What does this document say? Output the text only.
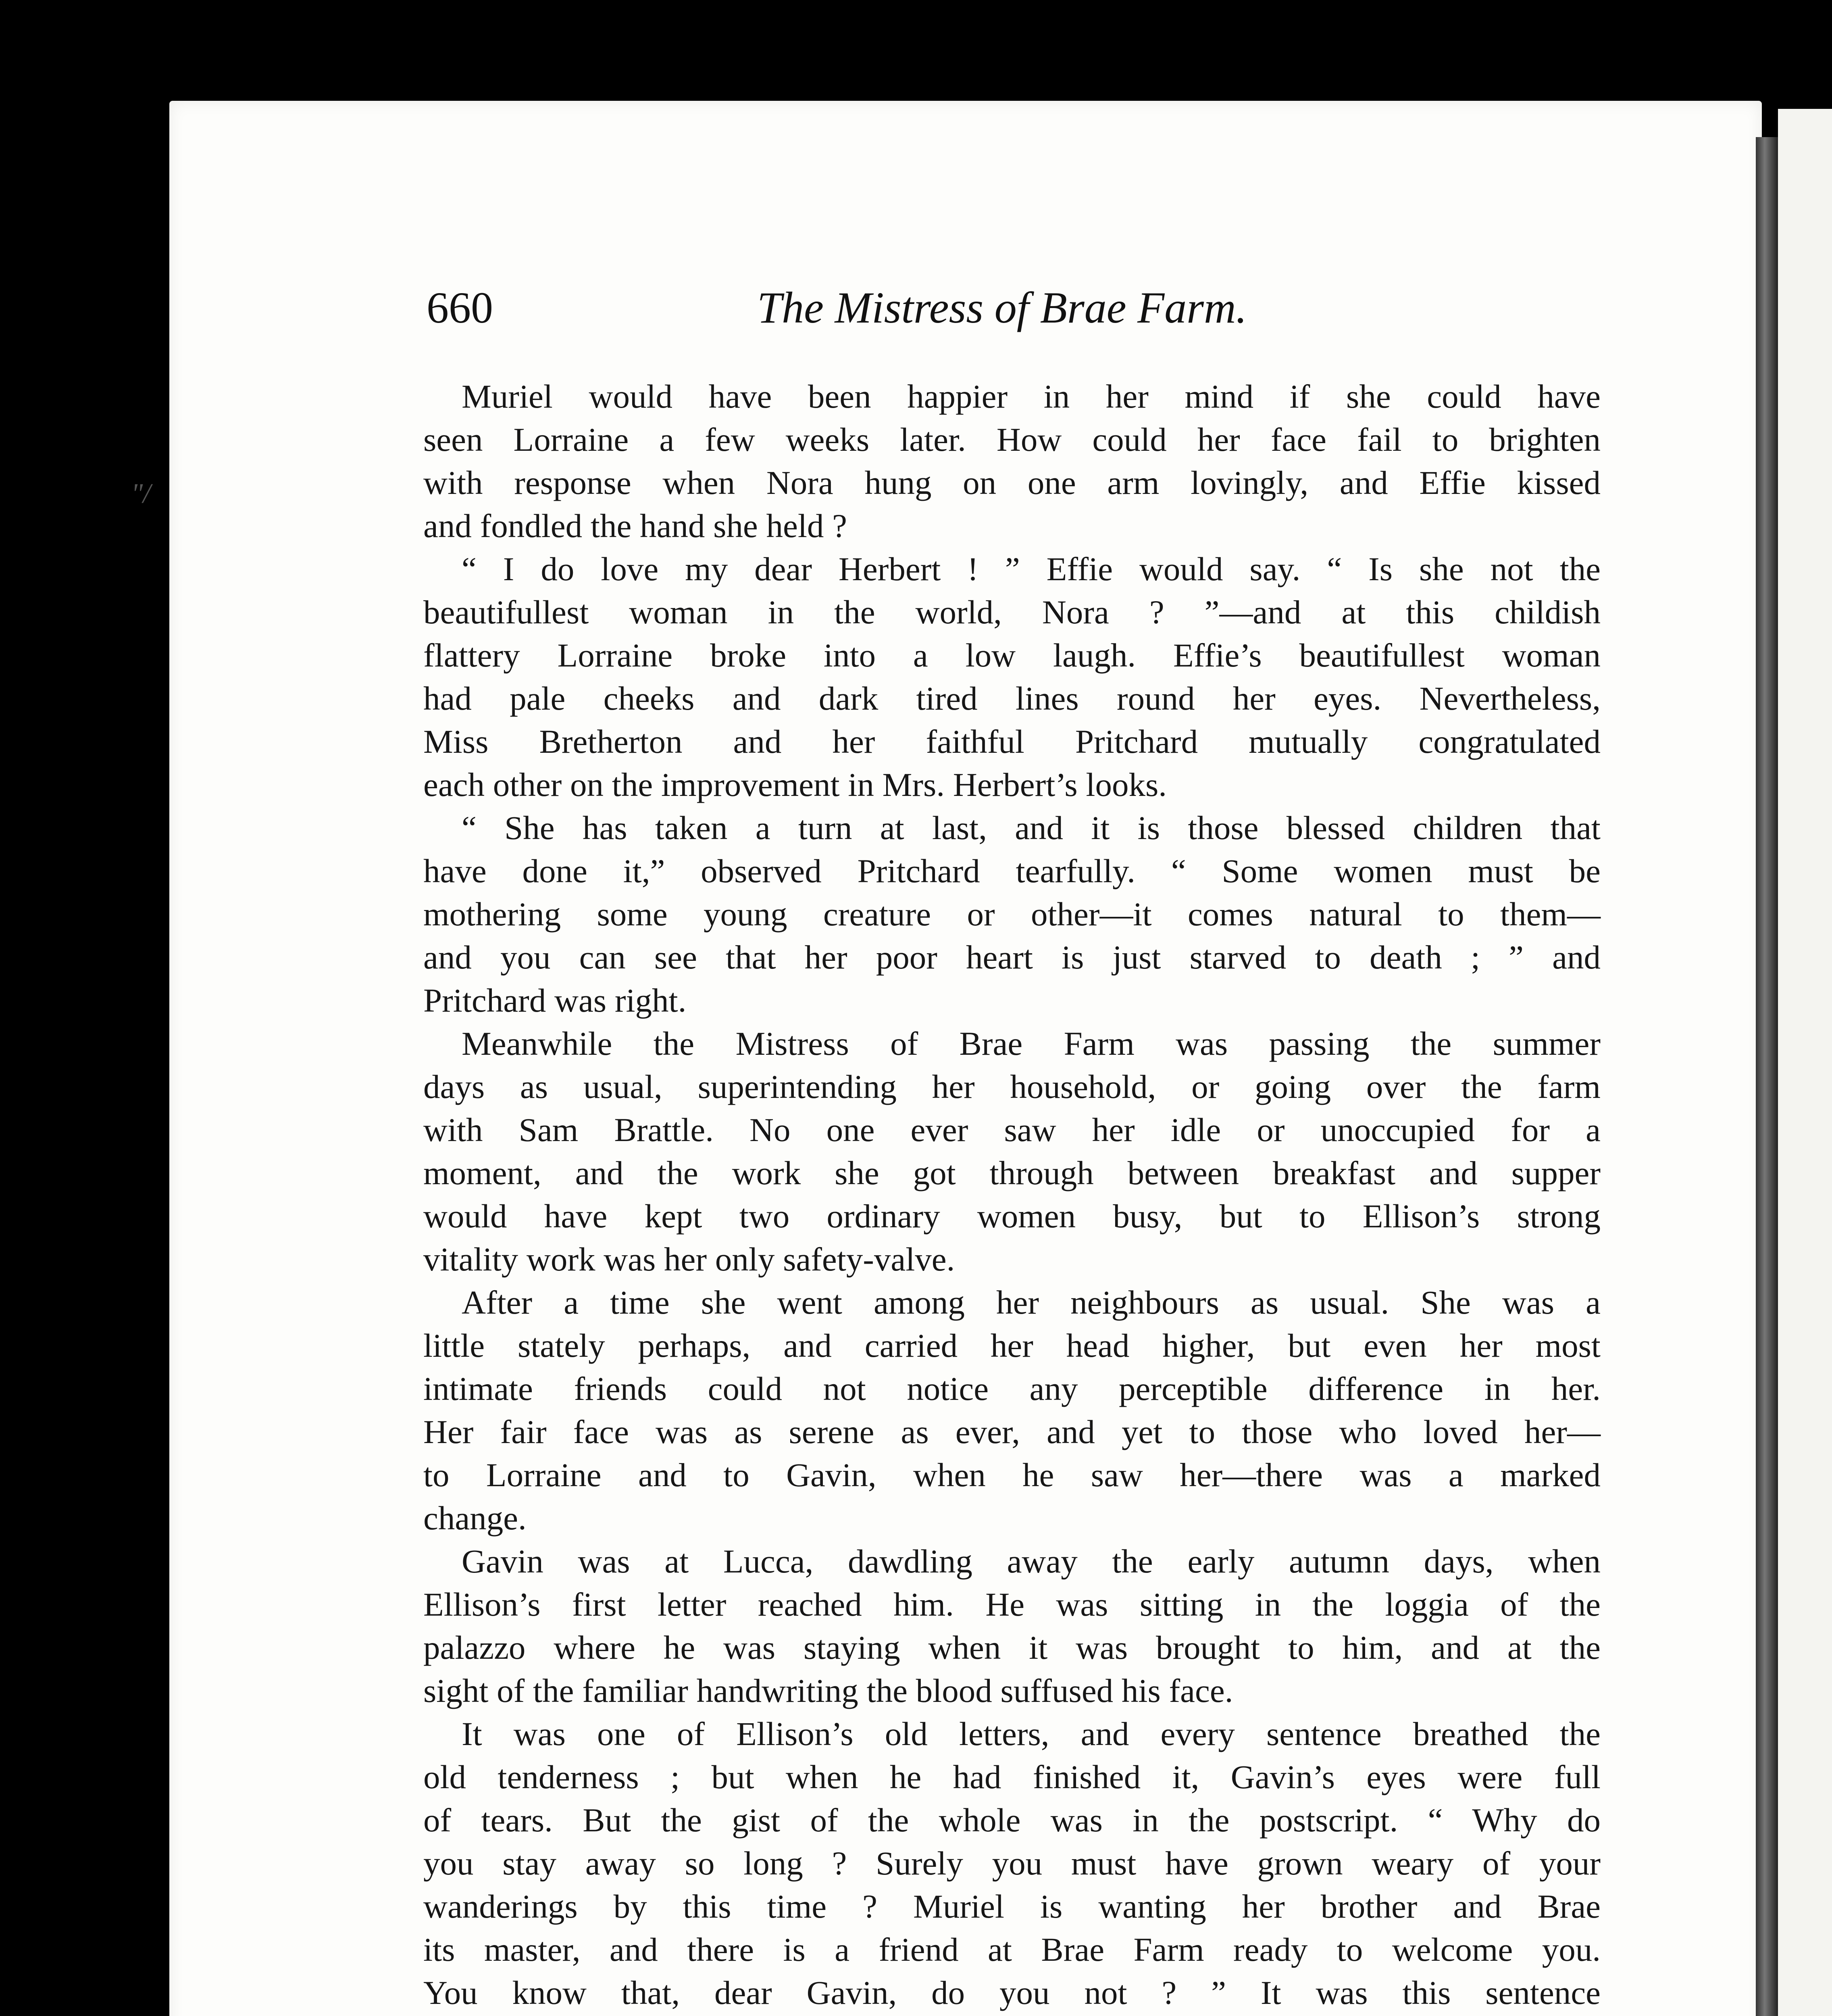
"/
660	The Mistress of Brae Farm.

Muriel would have been happier in her mind if she could have
seen Lorraine a few weeks later. How could her face fail to brighten
with response when Nora hung on one arm lovingly, and Effie kissed
and fondled the hand she held ?

“ I do love my dear Herbert ! ” Effie would say. “ Is she not the
beautifullest woman in the world, Nora ? ”—and at this childish
flattery Lorraine broke into a low laugh. Effie’s beautifullest woman
had pale cheeks and dark tired lines round her eyes. Nevertheless,
Miss Bretherton and her faithful Pritchard mutually congratulated
each other on the improvement in Mrs. Herbert’s looks.

“ She has taken a turn at last, and it is those blessed children that
have done it,” observed Pritchard tearfully. “ Some women must be
mothering some young creature or other—it comes natural to them—
and you can see that her poor heart is just starved to death ; ” and
Pritchard was right.

Meanwhile the Mistress of Brae Farm was passing the summer
days as usual, superintending her household, or going over the farm
with Sam Brattle. No one ever saw her idle or unoccupied for a
moment, and the work she got through between breakfast and supper
would have kept two ordinary women busy, but to Ellison’s strong
vitality work was her only safety-valve.

After a time she went among her neighbours as usual. She was a
little stately perhaps, and carried her head higher, but even her most
intimate friends could not notice any perceptible difference in her.
Her fair face was as serene as ever, and yet to those who loved her—
to Lorraine and to Gavin, when he saw her—there was a marked
change.

Gavin was at Lucca, dawdling away the early autumn days, when
Ellison’s first letter reached him. He was sitting in the loggia of the
palazzo where he was staying when it was brought to him, and at the
sight of the familiar handwriting the blood suffused his face.

It was one of Ellison’s old letters, and every sentence breathed the
old tenderness ; but when he had finished it, Gavin’s eyes were full
of tears. But the gist of the whole was in the postscript. “ Why do
you stay away so long ? Surely you must have grown weary of your
wanderings by this time ? Muriel is wanting her brother and Brae
its master, and there is a friend at Brae Farm ready to welcome you.
You know that, dear Gavin, do you not ? ” It was this sentence
